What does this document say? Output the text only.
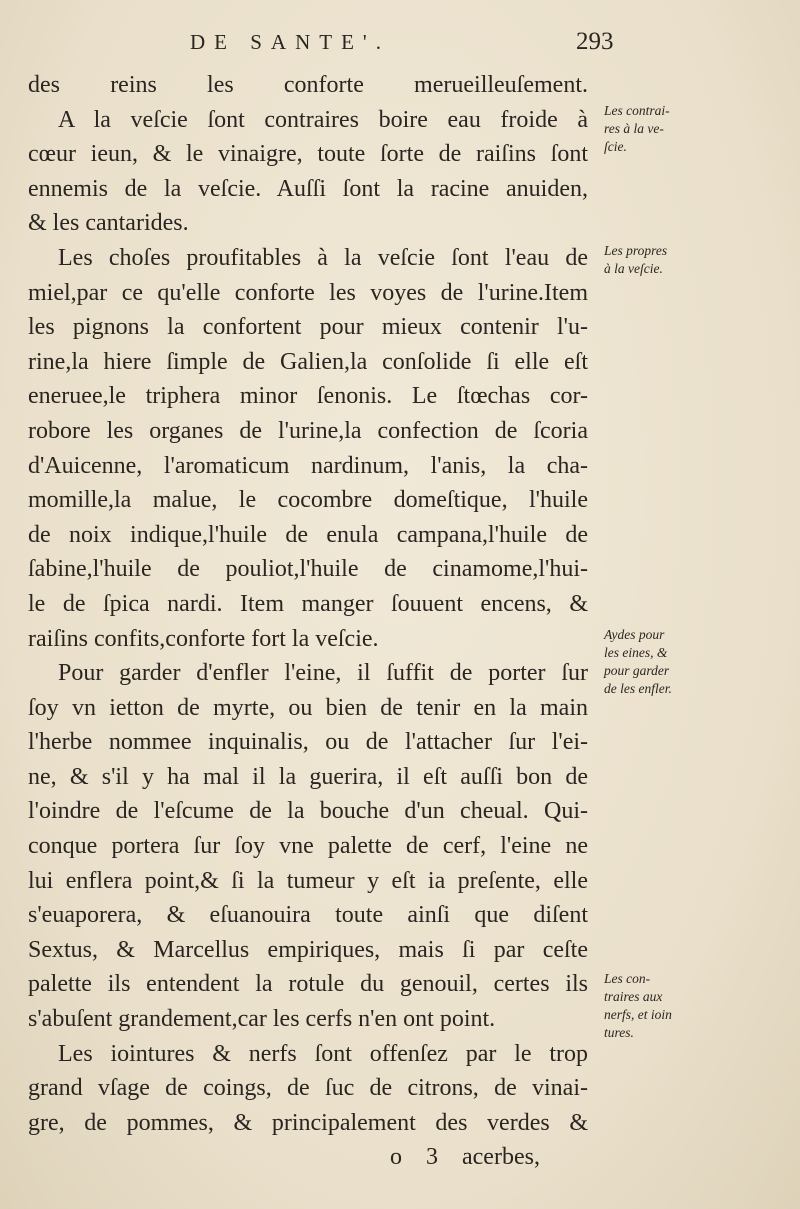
DE SANTE'.	293
des reins les conforte merueilleuſement.
A la veſcie ſont contraires boire eau froide à
cœur ieun, & le vinaigre, toute ſorte de raiſins ſont
ennemis de la veſcie. Auſſi ſont la racine anuiden,
& les cantarides.
Les choſes proufitables à la veſcie ſont l'eau de
miel,par ce qu'elle conforte les voyes de l'urine.Item
les pignons la confortent pour mieux contenir l'u-
rine,la hiere ſimple de Galien,la conſolide ſi elle eſt
eneruee,le triphera minor ſenonis. Le ſtœchas cor-
robore les organes de l'urine,la confection de ſcoria
d'Auicenne, l'aromaticum nardinum, l'anis, la cha-
momille,la malue, le cocombre domeſtique, l'huile
de noix indique,l'huile de enula campana,l'huile de
ſabine,l'huile de pouliot,l'huile de cinamome,l'hui-
le de ſpica nardi. Item manger ſouuent encens, &
raiſins confits,conforte fort la veſcie.
Pour garder d'enfler l'eine, il ſuffit de porter ſur
ſoy vn ietton de myrte, ou bien de tenir en la main
l'herbe nommee inquinalis, ou de l'attacher ſur l'ei-
ne, & s'il y ha mal il la guerira, il eſt auſſi bon de
l'oindre de l'eſcume de la bouche d'un cheual. Qui-
conque portera ſur ſoy vne palette de cerf, l'eine ne
lui enflera point,& ſi la tumeur y eſt ia preſente, elle
s'euaporera, & eſuanouira toute ainſi que diſent
Sextus, & Marcellus empiriques, mais ſi par ceſte
palette ils entendent la rotule du genouil, certes ils
s'abuſent grandement,car les cerfs n'en ont point.
Les iointures & nerfs ſont offenſez par le trop
grand vſage de coings, de ſuc de citrons, de vinai-
gre, de pommes, & principalement des verdes &
o 3 acerbes,
Les contrai-
res à la ve-
ſcie.
Les propres
à la veſcie.
Aydes pour
les eines, &
pour garder
de les enfler.
Les con-
traires aux
nerfs, et ioin
tures.
